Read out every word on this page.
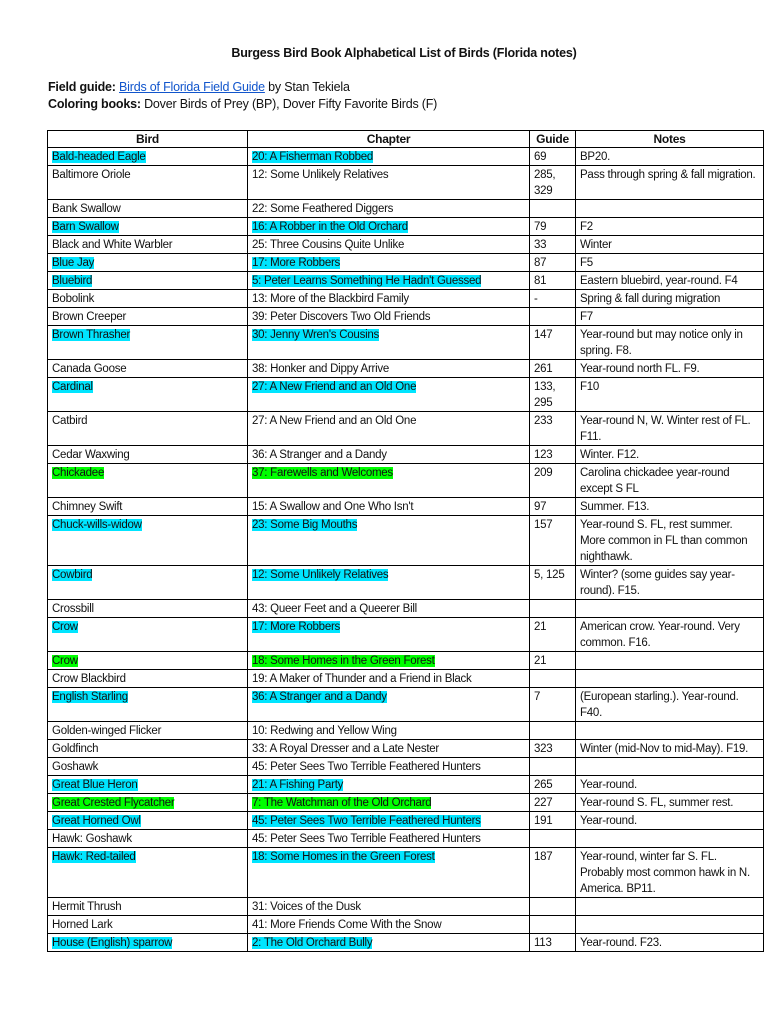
Burgess Bird Book Alphabetical List of Birds (Florida notes)
Field guide: Birds of Florida Field Guide by Stan Tekiela
Coloring books: Dover Birds of Prey (BP), Dover Fifty Favorite Birds (F)
Bird	Chapter	Guide	Notes
Bald-headed Eagle	20: A Fisherman Robbed	69	BP20.
Baltimore Oriole	12: Some Unlikely Relatives	285, 329	Pass through spring & fall migration.
Bank Swallow	22: Some Feathered Diggers		
Barn Swallow	16: A Robber in the Old Orchard	79	F2
Black and White Warbler	25: Three Cousins Quite Unlike	33	Winter
Blue Jay	17: More Robbers	87	F5
Bluebird	5: Peter Learns Something He Hadn't Guessed	81	Eastern bluebird, year-round. F4
Bobolink	13: More of the Blackbird Family	-	Spring & fall during migration
Brown Creeper	39: Peter Discovers Two Old Friends		F7
Brown Thrasher	30: Jenny Wren's Cousins	147	Year-round but may notice only in spring. F8.
Canada Goose	38: Honker and Dippy Arrive	261	Year-round north FL. F9.
Cardinal	27: A New Friend and an Old One	133, 295	F10
Catbird	27: A New Friend and an Old One	233	Year-round N, W. Winter rest of FL. F11.
Cedar Waxwing	36: A Stranger and a Dandy	123	Winter. F12.
Chickadee	37: Farewells and Welcomes	209	Carolina chickadee year-round except S FL
Chimney Swift	15: A Swallow and One Who Isn't	97	Summer. F13.
Chuck-wills-widow	23: Some Big Mouths	157	Year-round S. FL, rest summer. More common in FL than common nighthawk.
Cowbird	12: Some Unlikely Relatives	5, 125	Winter? (some guides say year-round). F15.
Crossbill	43: Queer Feet and a Queerer Bill		
Crow	17: More Robbers	21	American crow. Year-round. Very common. F16.
Crow	18: Some Homes in the Green Forest	21	
Crow Blackbird	19: A Maker of Thunder and a Friend in Black		
English Starling	36: A Stranger and a Dandy	7	(European starling.). Year-round. F40.
Golden-winged Flicker	10: Redwing and Yellow Wing		
Goldfinch	33: A Royal Dresser and a Late Nester	323	Winter (mid-Nov to mid-May). F19.
Goshawk	45: Peter Sees Two Terrible Feathered Hunters		
Great Blue Heron	21: A Fishing Party	265	Year-round.
Great Crested Flycatcher	7: The Watchman of the Old Orchard	227	Year-round S. FL, summer rest.
Great Horned Owl	45: Peter Sees Two Terrible Feathered Hunters	191	Year-round.
Hawk: Goshawk	45: Peter Sees Two Terrible Feathered Hunters		
Hawk: Red-tailed	18: Some Homes in the Green Forest	187	Year-round, winter far S. FL. Probably most common hawk in N. America. BP11.
Hermit Thrush	31: Voices of the Dusk		
Horned Lark	41: More Friends Come With the Snow		
House (English) sparrow	2: The Old Orchard Bully	113	Year-round. F23.
